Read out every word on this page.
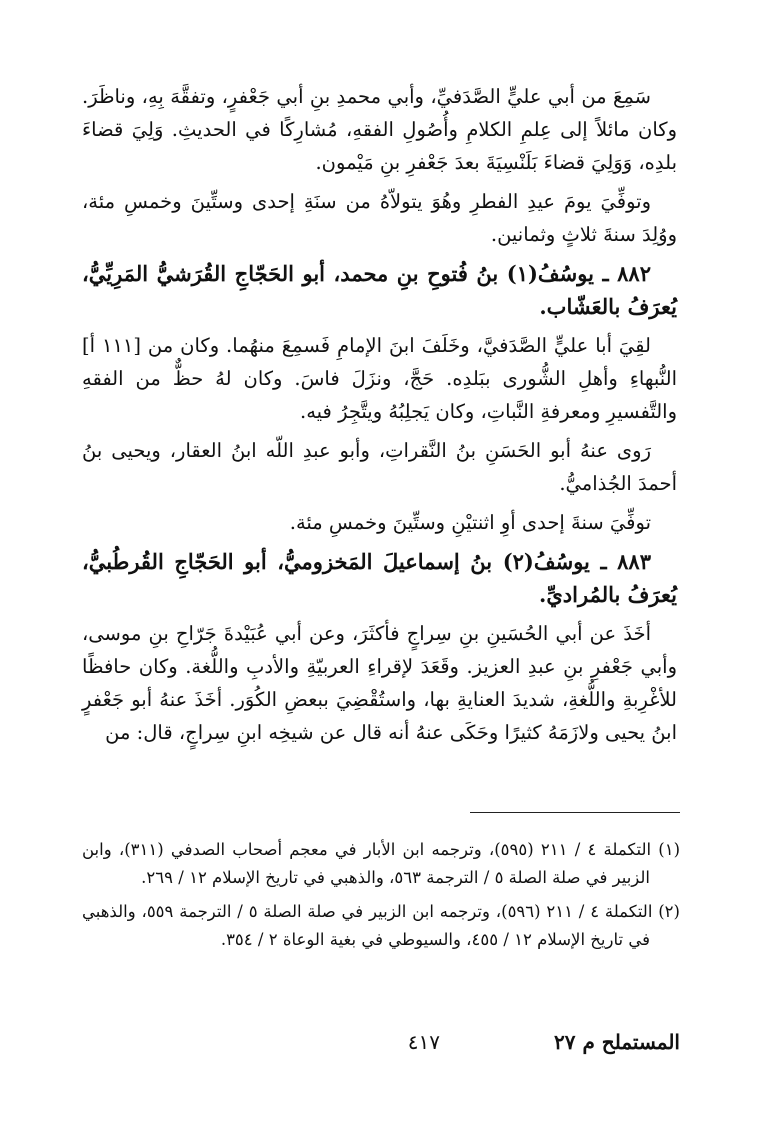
سَمِعَ من أبي عليٍّ الصَّدَفيِّ، وأبي محمدِ بنِ أبي جَعْفرٍ، وتفقَّهَ بِهِ، وناظَرَ. وكان مائلاً إلى عِلمِ الكلامِ وأُصُولِ الفقهِ، مُشارِكًا في الحديثِ. وَلِيَ قضاءَ بلدِه، وَوَلِيَ قضاءَ بَلَنْسِيَةَ بعدَ جَعْفرِ بنِ مَيْمون.

وتوفِّيَ يومَ عيدِ الفطرِ وهُوَ يتولاّهُ من سنَةِ إحدى وستِّينَ وخمسِ مئة، ووُلِدَ سنةَ ثلاثٍ وثمانين.

٨٨٢ ـ يوسُفُ(١) بنُ فُتوحِ بنِ محمد، أبو الحَجّاجِ القُرَشيُّ المَرِيِّيُّ، يُعرَفُ بالعَشّاب.

لقِيَ أبا عليٍّ الصَّدَفيَّ، وخَلَفَ ابنَ الإمامِ فَسمِعَ منهُما. وكان من [١١١ أ] النُّبهاءِ وأهلِ الشُّورى ببَلدِه. حَجَّ، ونزَلَ فاسَ. وكان لهُ حظٌّ من الفقهِ والتَّفسيرِ ومعرفةِ النَّباتِ، وكان يَجلِبُهُ ويتَّجِرُ فيه.

رَوى عنهُ أبو الحَسَنِ بنُ النَّقراتِ، وأبو عبدِ اللّه ابنُ العقار، ويحيى بنُ أحمدَ الجُذاميُّ.

توفِّيَ سنةَ إحدى أوِ اثنتيْنِ وستِّينَ وخمسِ مئة.

٨٨٣ ـ يوسُفُ(٢) بنُ إسماعيلَ المَخزوميُّ، أبو الحَجّاجِ القُرطُبيُّ، يُعرَفُ بالمُراديِّ.

أخَذَ عن أبي الحُسَينِ بنِ سِراجٍ فأكثَرَ، وعن أبي عُبَيْدةَ جَرّاحِ بنِ موسى، وأبي جَعْفرِ بنِ عبدِ العزيز. وقَعَدَ لإقراءِ العربيّةِ والأدبِ واللُّغة. وكان حافظًا للأغْرِبةِ واللُّغةِ، شديدَ العنايةِ بها، واستُقْضِيَ ببعضِ الكُوَر. أخَذَ عنهُ أبو جَعْفرٍ ابنُ يحيى ولازَمَهُ كثيرًا وحَكَى عنهُ أنه قال عن شيخِه ابنِ سِراجٍ، قال: من

(١) التكملة ٤ / ٢١١ (٥٩٥)، وترجمه ابن الأبار في معجم أصحاب الصدفي (٣١١)، وابن الزبير في صلة الصلة ٥ / الترجمة ٥٦٣، والذهبي في تاريخ الإسلام ١٢ / ٢٦٩.

(٢) التكملة ٤ / ٢١١ (٥٩٦)، وترجمه ابن الزبير في صلة الصلة ٥ / الترجمة ٥٥٩، والذهبي في تاريخ الإسلام ١٢ / ٤٥٥، والسيوطي في بغية الوعاة ٢ / ٣٥٤.

المستملح م ٢٧
٤١٧
